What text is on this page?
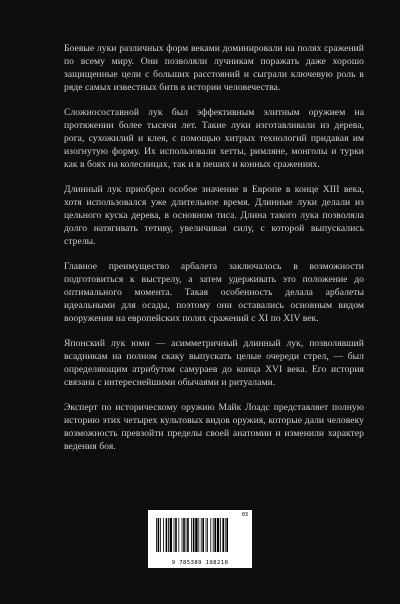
Боевые луки различных форм веками доминировали на полях сражений по всему миру. Они позволяли лучникам поражать даже хорошо защищенные цели с больших расстояний и сыграли ключевую роль в ряде самых известных битв в истории человечества.

Сложносоставной лук был эффективным элитным оружием на протяжении более тысячи лет. Такие луки изготавливали из дерева, рога, сухожилий и клея, с помощью хитрых технологий придавая им изогнутую форму. Их использовали хетты, римляне, монголы и турки как в боях на колесницах, так и в пеших и конных сражениях.

Длинный лук приобрел особое значение в Европе в конце XIII века, хотя использовался уже длительное время. Длинные луки делали из цельного куска дерева, в основном тиса. Длина такого лука позволяла долго натягивать тетиву, увеличивая силу, с которой выпускались стрелы.

Главное преимущество арбалета заключалось в возможности подготовиться к выстрелу, а затем удерживать это положение до оптимального момента. Такая особенность делала арбалеты идеальными для осады, поэтому они оставались основным видом вооружения на европейских полях сражений с XI по XIV век.

Японский лук юми — асимметричный длинный лук, позволявший всадникам на полном скаку выпускать целые очереди стрел, — был определяющим атрибутом самураев до конца XVI века. Его история связана с интереснейшими обычаями и ритуалами.

Эксперт по историческому оружию Майк Лоадс представляет полную историю этих четырех культовых видов оружия, которые дали человеку возможность превзойти пределы своей анатомии и изменили характер ведения боя.

03
9 785389 198210
